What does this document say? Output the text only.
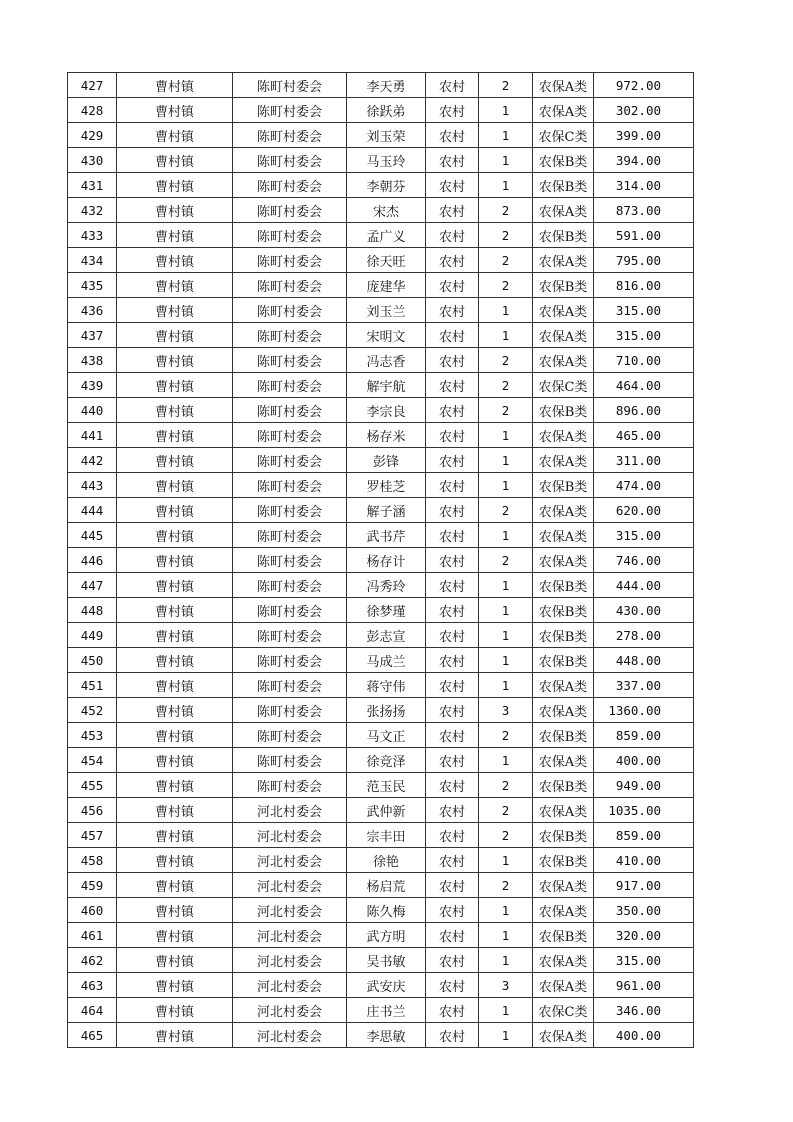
427	曹村镇	陈町村委会	李天勇	农村	2	农保A类	972.00
428	曹村镇	陈町村委会	徐跃弟	农村	1	农保A类	302.00
429	曹村镇	陈町村委会	刘玉荣	农村	1	农保C类	399.00
430	曹村镇	陈町村委会	马玉玲	农村	1	农保B类	394.00
431	曹村镇	陈町村委会	李朝芬	农村	1	农保B类	314.00
432	曹村镇	陈町村委会	宋杰	农村	2	农保A类	873.00
433	曹村镇	陈町村委会	孟广义	农村	2	农保B类	591.00
434	曹村镇	陈町村委会	徐天旺	农村	2	农保A类	795.00
435	曹村镇	陈町村委会	庞建华	农村	2	农保B类	816.00
436	曹村镇	陈町村委会	刘玉兰	农村	1	农保A类	315.00
437	曹村镇	陈町村委会	宋明文	农村	1	农保A类	315.00
438	曹村镇	陈町村委会	冯志香	农村	2	农保A类	710.00
439	曹村镇	陈町村委会	解宇航	农村	2	农保C类	464.00
440	曹村镇	陈町村委会	李宗良	农村	2	农保B类	896.00
441	曹村镇	陈町村委会	杨存米	农村	1	农保A类	465.00
442	曹村镇	陈町村委会	彭锋	农村	1	农保A类	311.00
443	曹村镇	陈町村委会	罗桂芝	农村	1	农保B类	474.00
444	曹村镇	陈町村委会	解子涵	农村	2	农保A类	620.00
445	曹村镇	陈町村委会	武书芹	农村	1	农保A类	315.00
446	曹村镇	陈町村委会	杨存计	农村	2	农保A类	746.00
447	曹村镇	陈町村委会	冯秀玲	农村	1	农保B类	444.00
448	曹村镇	陈町村委会	徐梦瑾	农村	1	农保B类	430.00
449	曹村镇	陈町村委会	彭志宣	农村	1	农保B类	278.00
450	曹村镇	陈町村委会	马成兰	农村	1	农保B类	448.00
451	曹村镇	陈町村委会	蒋守伟	农村	1	农保A类	337.00
452	曹村镇	陈町村委会	张扬扬	农村	3	农保A类	1360.00
453	曹村镇	陈町村委会	马文正	农村	2	农保B类	859.00
454	曹村镇	陈町村委会	徐竞泽	农村	1	农保A类	400.00
455	曹村镇	陈町村委会	范玉民	农村	2	农保B类	949.00
456	曹村镇	河北村委会	武仲新	农村	2	农保A类	1035.00
457	曹村镇	河北村委会	宗丰田	农村	2	农保B类	859.00
458	曹村镇	河北村委会	徐艳	农村	1	农保B类	410.00
459	曹村镇	河北村委会	杨启荒	农村	2	农保A类	917.00
460	曹村镇	河北村委会	陈久梅	农村	1	农保A类	350.00
461	曹村镇	河北村委会	武方明	农村	1	农保B类	320.00
462	曹村镇	河北村委会	吴书敏	农村	1	农保A类	315.00
463	曹村镇	河北村委会	武安庆	农村	3	农保A类	961.00
464	曹村镇	河北村委会	庄书兰	农村	1	农保C类	346.00
465	曹村镇	河北村委会	李思敏	农村	1	农保A类	400.00
